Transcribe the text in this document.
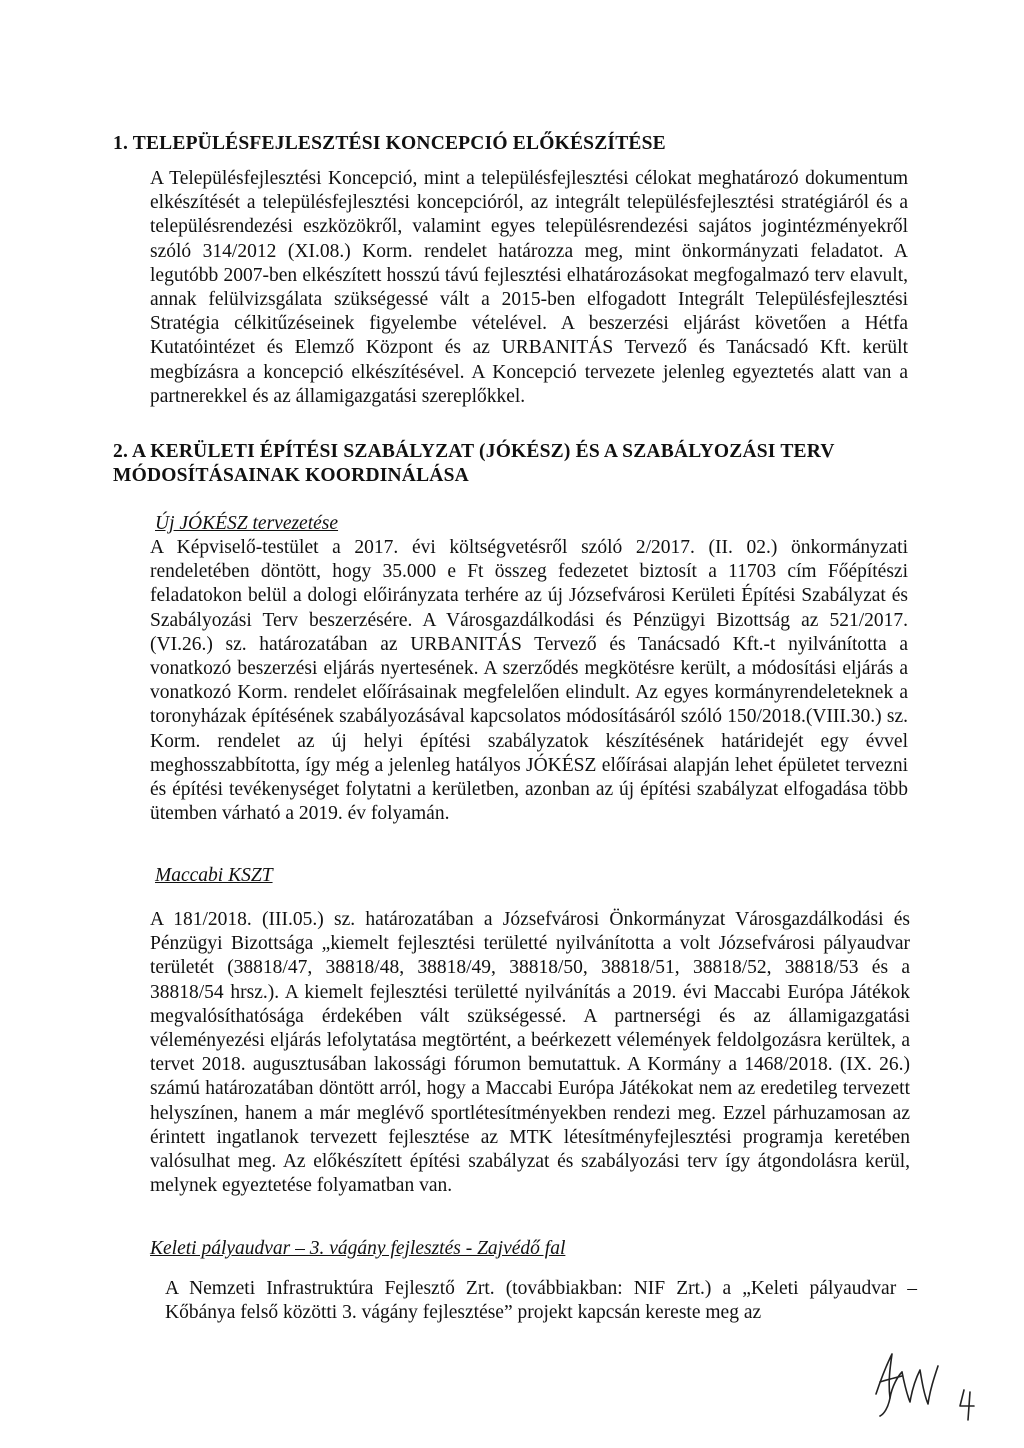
1. TELEPÜLÉSFEJLESZTÉSI KONCEPCIÓ ELŐKÉSZÍTÉSE

A Településfejlesztési Koncepció, mint a településfejlesztési célokat meghatározó dokumentum elkészítését a településfejlesztési koncepcióról, az integrált településfejlesztési stratégiáról és a településrendezési eszközökről, valamint egyes településrendezési sajátos jogintézményekről szóló 314/2012 (XI.08.) Korm. rendelet határozza meg, mint önkormányzati feladatot. A legutóbb 2007-ben elkészített hosszú távú fejlesztési elhatározásokat megfogalmazó terv elavult, annak felülvizsgálata szükségessé vált a 2015-ben elfogadott Integrált Településfejlesztési Stratégia célkitűzéseinek figyelembe vételével. A beszerzési eljárást követően a Hétfa Kutatóintézet és Elemző Központ és az URBANITÁS Tervező és Tanácsadó Kft. került megbízásra a koncepció elkészítésével. A Koncepció tervezete jelenleg egyeztetés alatt van a partnerekkel és az államigazgatási szereplőkkel.

2. A KERÜLETI ÉPÍTÉSI SZABÁLYZAT (JÓKÉSZ) ÉS A SZABÁLYOZÁSI TERV MÓDOSÍTÁSAINAK KOORDINÁLÁSA

Új JÓKÉSZ tervezetése

A Képviselő-testület a 2017. évi költségvetésről szóló 2/2017. (II. 02.) önkormányzati rendeletében döntött, hogy 35.000 e Ft összeg fedezetet biztosít a 11703 cím Főépítészi feladatokon belül a dologi előirányzata terhére az új Józsefvárosi Kerületi Építési Szabályzat és Szabályozási Terv beszerzésére. A Városgazdálkodási és Pénzügyi Bizottság az 521/2017. (VI.26.) sz. határozatában az URBANITÁS Tervező és Tanácsadó Kft.-t nyilvánította a vonatkozó beszerzési eljárás nyertesének. A szerződés megkötésre került, a módosítási eljárás a vonatkozó Korm. rendelet előírásainak megfelelően elindult. Az egyes kormányrendeleteknek a toronyházak építésének szabályozásával kapcsolatos módosításáról szóló 150/2018.(VIII.30.) sz. Korm. rendelet az új helyi építési szabályzatok készítésének határidejét egy évvel meghosszabbította, így még a jelenleg hatályos JÓKÉSZ előírásai alapján lehet épületet tervezni és építési tevékenységet folytatni a kerületben, azonban az új építési szabályzat elfogadása több ütemben várható a 2019. év folyamán.

Maccabi KSZT

A 181/2018. (III.05.) sz. határozatában a Józsefvárosi Önkormányzat Városgazdálkodási és Pénzügyi Bizottsága „kiemelt fejlesztési területté nyilvánította a volt Józsefvárosi pályaudvar területét (38818/47, 38818/48, 38818/49, 38818/50, 38818/51, 38818/52, 38818/53 és a 38818/54 hrsz.). A kiemelt fejlesztési területté nyilvánítás a 2019. évi Maccabi Európa Játékok megvalósíthatósága érdekében vált szükségessé. A partnerségi és az államigazgatási véleményezési eljárás lefolytatása megtörtént, a beérkezett vélemények feldolgozásra kerültek, a tervet 2018. augusztusában lakossági fórumon bemutattuk. A Kormány a 1468/2018. (IX. 26.) számú határozatában döntött arról, hogy a Maccabi Európa Játékokat nem az eredetileg tervezett helyszínen, hanem a már meglévő sportlétesítményekben rendezi meg. Ezzel párhuzamosan az érintett ingatlanok tervezett fejlesztése az MTK létesítményfejlesztési programja keretében valósulhat meg. Az előkészített építési szabályzat és szabályozási terv így átgondolásra kerül, melynek egyeztetése folyamatban van.

Keleti pályaudvar – 3. vágány fejlesztés - Zajvédő fal

A Nemzeti Infrastruktúra Fejlesztő Zrt. (továbbiakban: NIF Zrt.) a „Keleti pályaudvar – Kőbánya felső közötti 3. vágány fejlesztése” projekt kapcsán kereste meg az
